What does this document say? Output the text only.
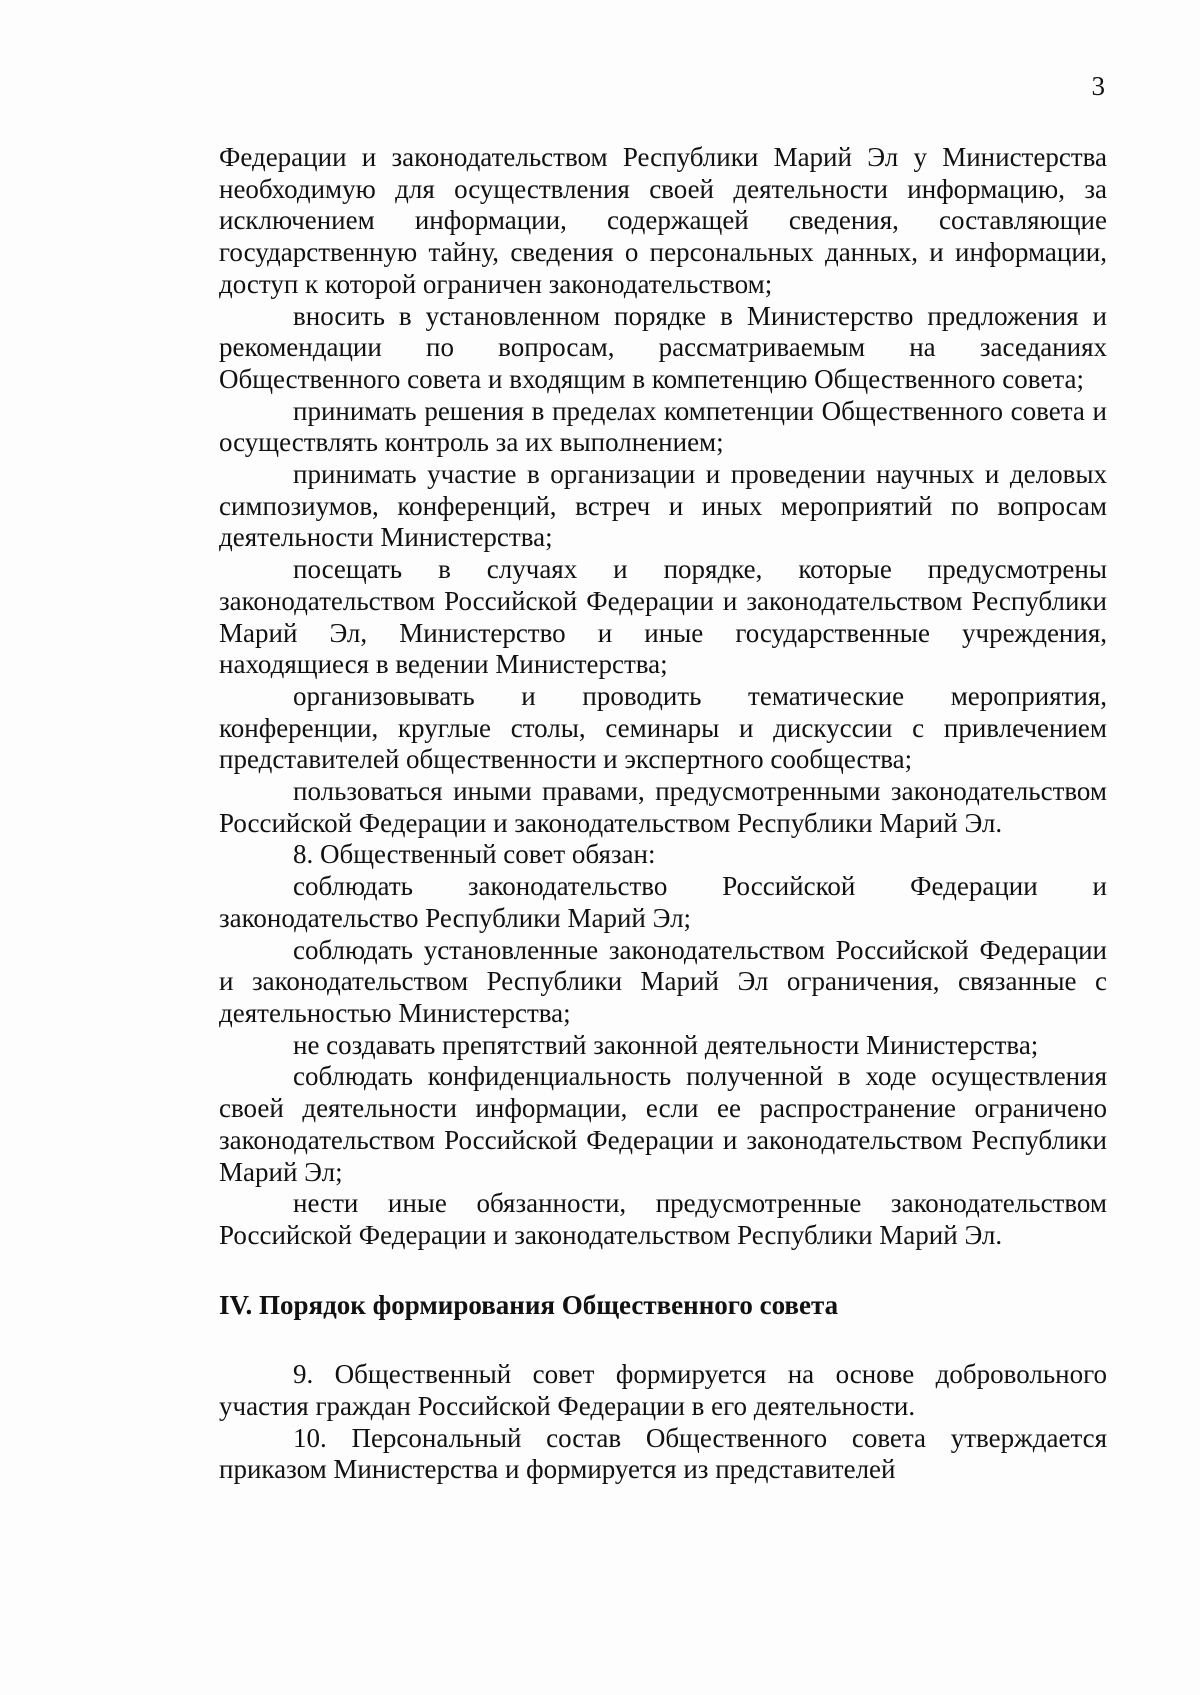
3

Федерации и законодательством Республики Марий Эл у Министерства необходимую для осуществления своей деятельности информацию, за исключением информации, содержащей сведения, составляющие государственную тайну, сведения о персональных данных, и информации, доступ к которой ограничен законодательством;

вносить в установленном порядке в Министерство предложения и рекомендации по вопросам, рассматриваемым на заседаниях Общественного совета и входящим в компетенцию Общественного совета;

принимать решения в пределах компетенции Общественного совета и осуществлять контроль за их выполнением;

принимать участие в организации и проведении научных и деловых симпозиумов, конференций, встреч и иных мероприятий по вопросам деятельности Министерства;

посещать в случаях и порядке, которые предусмотрены законодательством Российской Федерации и законодательством Республики Марий Эл, Министерство и иные государственные учреждения, находящиеся в ведении Министерства;

организовывать и проводить тематические мероприятия, конференции, круглые столы, семинары и дискуссии с привлечением представителей общественности и экспертного сообщества;

пользоваться иными правами, предусмотренными законодательством Российской Федерации и законодательством Республики Марий Эл.

8. Общественный совет обязан:

соблюдать законодательство Российской Федерации и законодательство Республики Марий Эл;

соблюдать установленные законодательством Российской Федерации и законодательством Республики Марий Эл ограничения, связанные с деятельностью Министерства;

не создавать препятствий законной деятельности Министерства;

соблюдать конфиденциальность полученной в ходе осуществления своей деятельности информации, если ее распространение ограничено законодательством Российской Федерации и законодательством Республики Марий Эл;

нести иные обязанности, предусмотренные законодательством Российской Федерации и законодательством Республики Марий Эл.

IV. Порядок формирования Общественного совета

9. Общественный совет формируется на основе добровольного участия граждан Российской Федерации в его деятельности.

10. Персональный состав Общественного совета утверждается приказом Министерства и формируется из представителей
